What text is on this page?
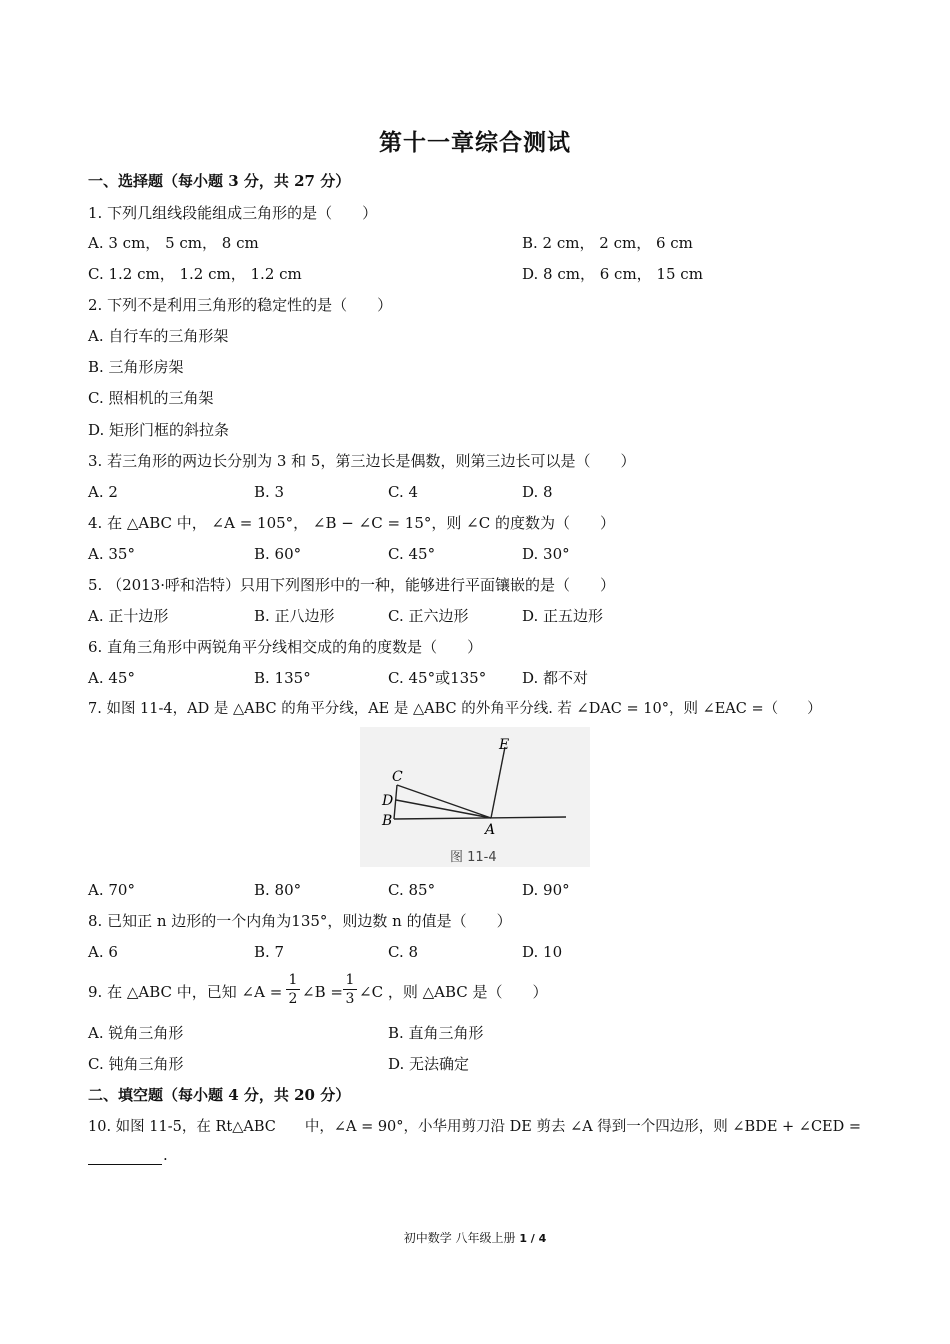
第十一章综合测试
一、选择题（每小题 3 分，共 27 分）
1. 下列几组线段能组成三角形的是（　　）
A. 3 cm， 5 cm， 8 cm	B. 2 cm， 2 cm， 6 cm
C. 1.2 cm， 1.2 cm， 1.2 cm	D. 8 cm， 6 cm， 15 cm
2. 下列不是利用三角形的稳定性的是（　　）
A. 自行车的三角形架
B. 三角形房架
C. 照相机的三角架
D. 矩形门框的斜拉条
3. 若三角形的两边长分别为 3 和 5，第三边长是偶数，则第三边长可以是（　　）
A. 2	B. 3	C. 4	D. 8
4. 在 △ABC 中， ∠A = 105°， ∠B − ∠C = 15°，则 ∠C 的度数为（　　）
A. 35°	B. 60°	C. 45°	D. 30°
5. （2013·呼和浩特）只用下列图形中的一种，能够进行平面镶嵌的是（　　）
A. 正十边形	B. 正八边形	C. 正六边形	D. 正五边形
6. 直角三角形中两锐角平分线相交成的角的度数是（　　）
A. 45°	B. 135°	C. 45°或135° D. 都不对
7. 如图 11-4，AD 是 △ABC 的角平分线，AE 是 △ABC 的外角平分线. 若 ∠DAC = 10°，则 ∠EAC =（　　）
E
C
D
B
A
图 11-4
A. 70°	B. 80°	C. 85°	D. 90°
8. 已知正 n 边形的一个内角为135°，则边数 n 的值是（　　）
A. 6	B. 7	C. 8	D. 10
9. 在 △ABC 中，已知 ∠A =
1
2 ∠B =
1
3 ∠C ，则 △ABC 是（　　）
A. 锐角三角形	B. 直角三角形
C. 钝角三角形	D. 无法确定
二、填空题（每小题 4 分，共 20 分）
10. 如图 11-5，在 Rt△ABC　　中，∠A = 90°，小华用剪刀沿 DE 剪去 ∠A 得到一个四边形，则 ∠BDE + ∠CED =
.
初中数学 八年级上册 1 / 4
